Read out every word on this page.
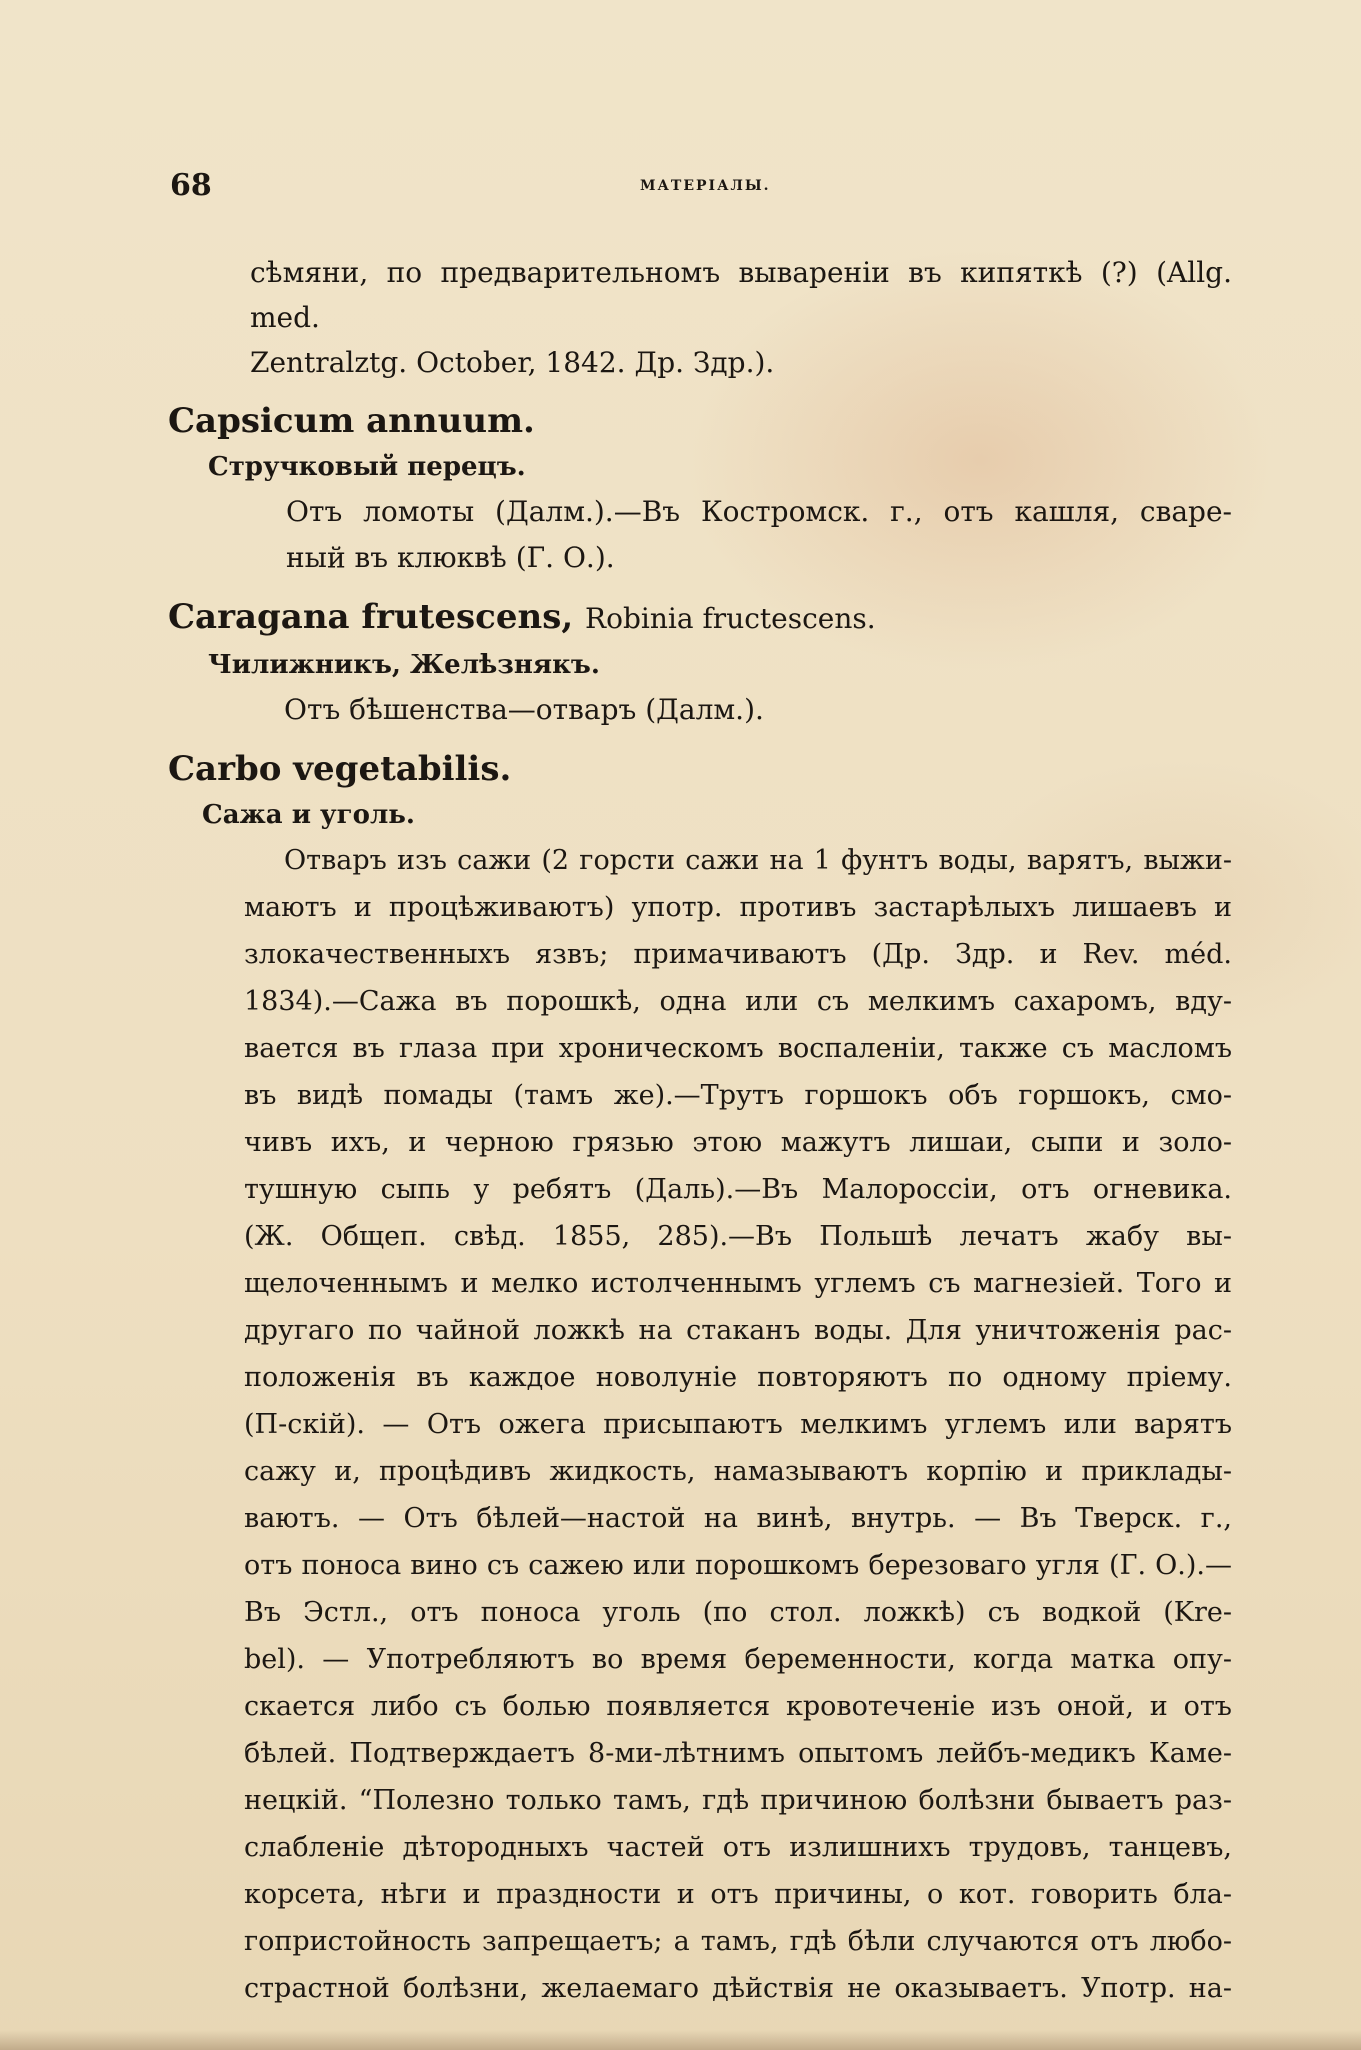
68	МАТЕРІАЛЫ.

сѣмяни, по предварительномъ вывареніи въ кипяткѣ (?) (Allg. med.

Zentralztg. October, 1842. Др. Здр.).

Capsicum annuum.

Стручковый перецъ.

Отъ ломоты (Далм.).—Въ Костромск. г., отъ кашля, свapе-

ный въ клюквѣ (Г. О.).

Caragana frutescens, Robinia fructescens.

Чилижникъ, Желѣзнякъ.

Отъ бѣшенства—отваръ (Далм.).

Carbo vegetabilis.

Сажа и уголь.

Отваръ изъ сажи (2 горсти сажи на 1 фунтъ воды, варятъ, выжи-

маютъ и процѣживаютъ) употр. противъ застарѣлыхъ лишаевъ и

злокачественныхъ язвъ; примачиваютъ (Др. Здр. и Rev. méd.

1834).—Сажа въ порошкѣ, одна или съ мелкимъ сахаромъ, вду-

вается въ глаза при хроническомъ воспаленіи, также съ масломъ

въ видѣ помады (тамъ же).—Трутъ горшокъ объ горшокъ, смо-

чивъ ихъ, и черною грязью этою мажутъ лишаи, сыпи и золо-

тушную сыпь у ребятъ (Даль).—Въ Малороссіи, отъ огневика.

(Ж. Общеп. свѣд. 1855, 285).—Въ Польшѣ лечатъ жабу вы-

щелоченнымъ и мелко истолченнымъ углемъ съ магнезіей. Того и

другаго по чайной ложкѣ на стаканъ воды. Для уничтоженія рас-

положенія въ каждое новолуніе повторяютъ по одному пріему.

(П-скій). — Отъ ожега присыпаютъ мелкимъ углемъ или варятъ

сажу и, процѣдивъ жидкость, намазываютъ корпію и приклады-

ваютъ. — Отъ бѣлей—настой на винѣ, внутрь. — Въ Тверск. г.,

отъ поноса вино съ сажею или порошкомъ березоваго угля (Г. О.).—

Въ Эстл., отъ поноса уголь (по стол. ложкѣ) съ водкой (Kre-

bel). — Употребляютъ во время беременности, когда матка опу-

скается либо съ болью появляется кровотеченіе изъ оной, и отъ

бѣлей. Подтверждаетъ 8-ми-лѣтнимъ опытомъ лейбъ-медикъ Каме-

нецкій. “Полезно только тамъ, гдѣ причиною болѣзни бываетъ раз-

слабленіе дѣтородныхъ частей отъ излишнихъ трудовъ, танцевъ,

корсета, нѣги и праздности и отъ причины, о кот. говорить бла-

гопристойность запрещаетъ; а тамъ, гдѣ бѣли случаются отъ любо-

страстной болѣзни, желаемаго дѣйствія не оказываетъ. Употр. на-
